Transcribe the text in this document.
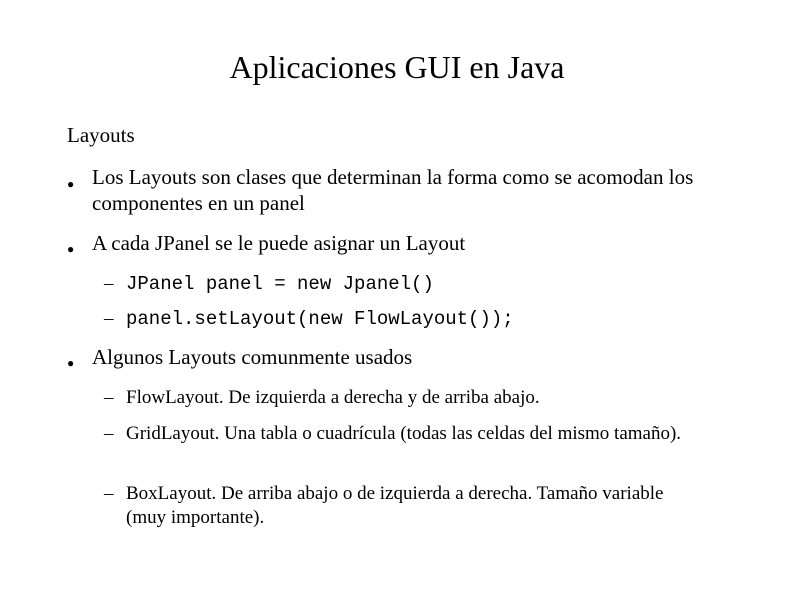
Aplicaciones GUI en Java
Layouts
● Los Layouts son clases que determinan la forma como se acomodan los componentes en un panel
● A cada JPanel se le puede asignar un Layout
– JPanel panel = new Jpanel()
– panel.setLayout(new FlowLayout());
● Algunos Layouts comunmente usados
– FlowLayout. De izquierda a derecha y de arriba abajo.
– GridLayout. Una tabla o cuadrícula (todas las celdas del mismo tamaño).
– BoxLayout. De arriba abajo o de izquierda a derecha. Tamaño variable (muy importante).
